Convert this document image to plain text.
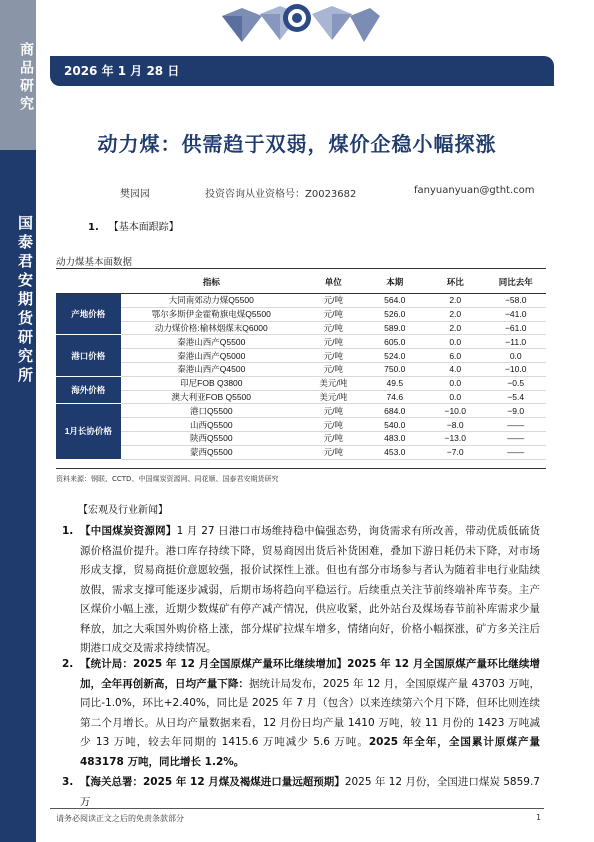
商品研究
国泰君安期货研究所
2026 年 1 月 28 日
动力煤：供需趋于双弱，煤价企稳小幅探涨
樊园园	投资咨询从业资格号：Z0023682	fanyuanyuan@gtht.com
1. 【基本面跟踪】
动力煤基本面数据
	指标	单位	本期	环比	同比去年
产地价格	大同南郊动力煤Q5500	元/吨	564.0	2.0	−58.0
	鄂尔多斯伊金霍勒旗电煤Q5500	元/吨	526.0	2.0	−41.0
	动力煤价格:榆林烟煤末Q6000	元/吨	589.0	2.0	−61.0
港口价格	秦港山西产Q5500	元/吨	605.0	0.0	−11.0
	秦港山西产Q5000	元/吨	524.0	6.0	0.0
	秦港山西产Q4500	元/吨	750.0	4.0	−10.0
海外价格	印尼FOB Q3800	美元/吨	49.5	0.0	−0.5
	澳大利亚FOB Q5500	美元/吨	74.6	0.0	−5.4
1月长协价格	港口Q5500	元/吨	684.0	−10.0	−9.0
	山西Q5500	元/吨	540.0	−8.0	——
	陕西Q5500	元/吨	483.0	−13.0	——
	蒙西Q5500	元/吨	453.0	−7.0	——
资料来源：钢联、CCTD、中国煤炭资源网、同花顺、国泰君安期货研究
【宏观及行业新闻】
1. 【中国煤炭资源网】1 月 27 日港口市场维持稳中偏强态势，询货需求有所改善，带动优质低硫货源价格温价提升。港口库存持续下降，贸易商因出货后补货困难，叠加下游日耗仍未下降，对市场形成支撑，贸易商挺价意愿较强，报价试探性上涨。但也有部分市场参与者认为随着非电行业陆续放假，需求支撑可能逐步减弱，后期市场将趋向平稳运行。后续重点关注节前终端补库节奏。主产区煤价小幅上涨，近期少数煤矿有停产减产情况，供应收紧，此外站台及煤场春节前补库需求少量释放，加之大乘国外购价格上涨，部分煤矿拉煤车增多，情绪向好，价格小幅探涨，矿方多关注后期港口成交及需求持续情况。
2. 【统计局：2025 年 12 月全国原煤产量环比继续增加】2025 年 12 月全国原煤产量环比继续增加，全年再创新高，日均产量下降：据统计局发布，2025 年 12 月，全国原煤产量 43703 万吨，同比-1.0%，环比+2.40%，同比是 2025 年 7 月（包含）以来连续第六个月下降，但环比则连续第二个月增长。从日均产量数据来看，12 月份日均产量 1410 万吨，较 11 月份的 1423 万吨减少 13 万吨，较去年同期的 1415.6 万吨减少 5.6 万吨。2025 年全年，全国累计原煤产量 483178 万吨，同比增长 1.2%。
3. 【海关总署：2025 年 12 月煤及褐煤进口量远超预期】2025 年 12 月份，全国进口煤炭 5859.7 万
请务必阅读正文之后的免责条款部分	1
